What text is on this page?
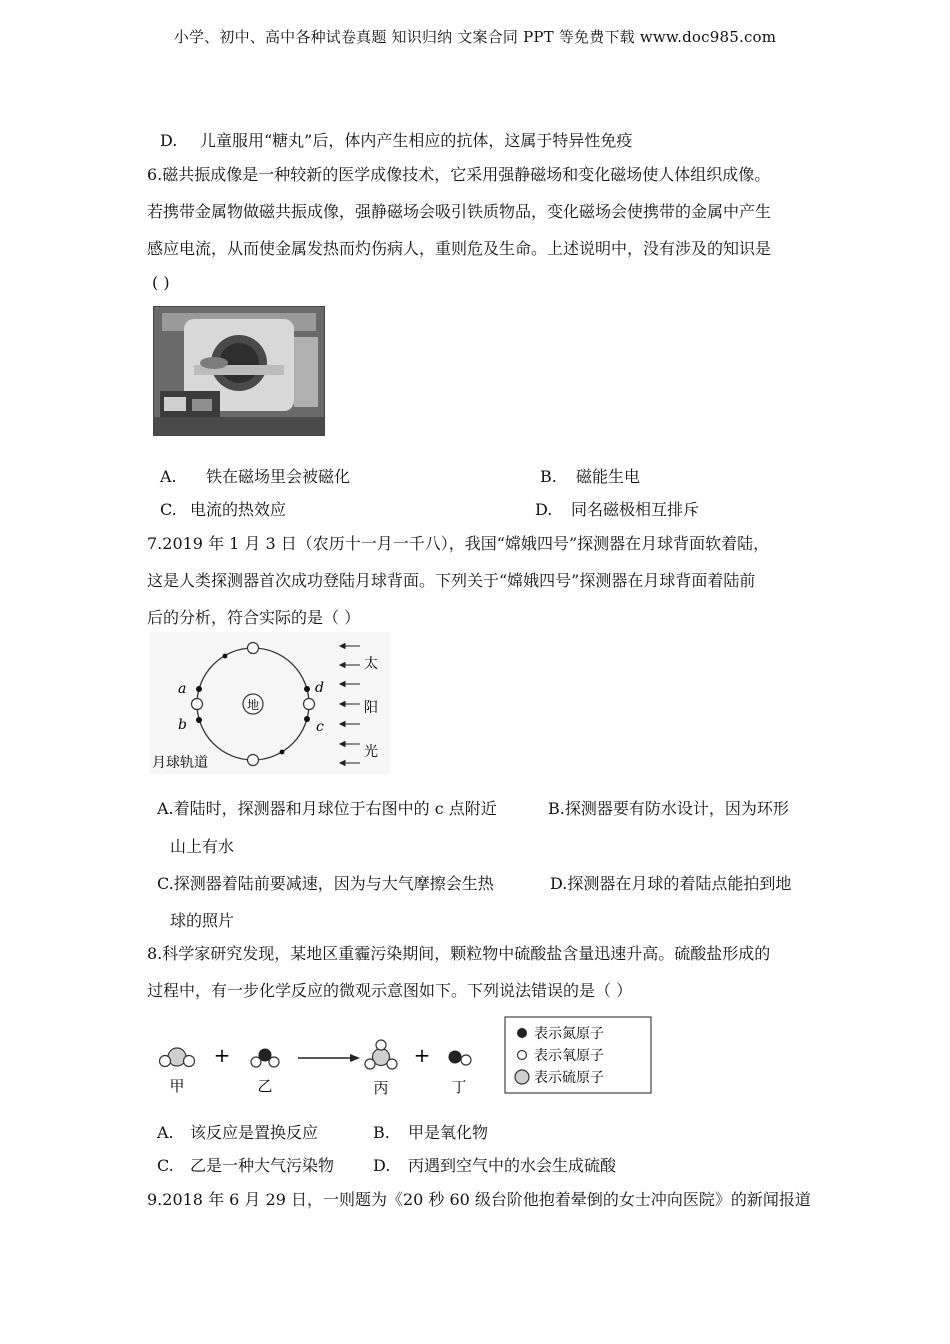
小学、初中、高中各种试卷真题 知识归纳 文案合同 PPT 等免费下载 www.doc985.com
D. 儿童服用“糖丸”后，体内产生相应的抗体，这属于特异性免疫
6.磁共振成像是一种较新的医学成像技术，它采用强静磁场和变化磁场使人体组织成像。
若携带金属物做磁共振成像，强静磁场会吸引铁质物品，变化磁场会使携带的金属中产生
感应电流，从而使金属发热而灼伤病人，重则危及生命。上述说明中，没有涉及的知识是
( )
A. 铁在磁场里会被磁化	B. 磁能生电
C. 电流的热效应	D. 同名磁极相互排斥
7.2019 年 1 月 3 日（农历十一月一千八），我国“嫦娥四号”探测器在月球背面软着陆，
这是人类探测器首次成功登陆月球背面。下列关于“嫦娥四号”探测器在月球背面着陆前
后的分析，符合实际的是（ ）
地
a
b	c
d
太
阳
光
月球轨道
A.着陆时，探测器和月球位于右图中的 c 点附近	B.探测器要有防水设计，因为环形
山上有水
C.探测器着陆前要减速，因为与大气摩擦会生热	D.探测器在月球的着陆点能拍到地
球的照片
8.科学家研究发现，某地区重霾污染期间，颗粒物中硫酸盐含量迅速升高。硫酸盐形成的
过程中，有一步化学反应的微观示意图如下。下列说法错误的是（ ）
甲
+
乙	丙
+
丁
表示氮原子
表示氧原子
表示硫原子
A. 该反应是置换反应	B. 甲是氧化物
C. 乙是一种大气污染物 D. 丙遇到空气中的水会生成硫酸
9.2018 年 6 月 29 日，一则题为《20 秒 60 级台阶他抱着晕倒的女士冲向医院》的新闻报道
